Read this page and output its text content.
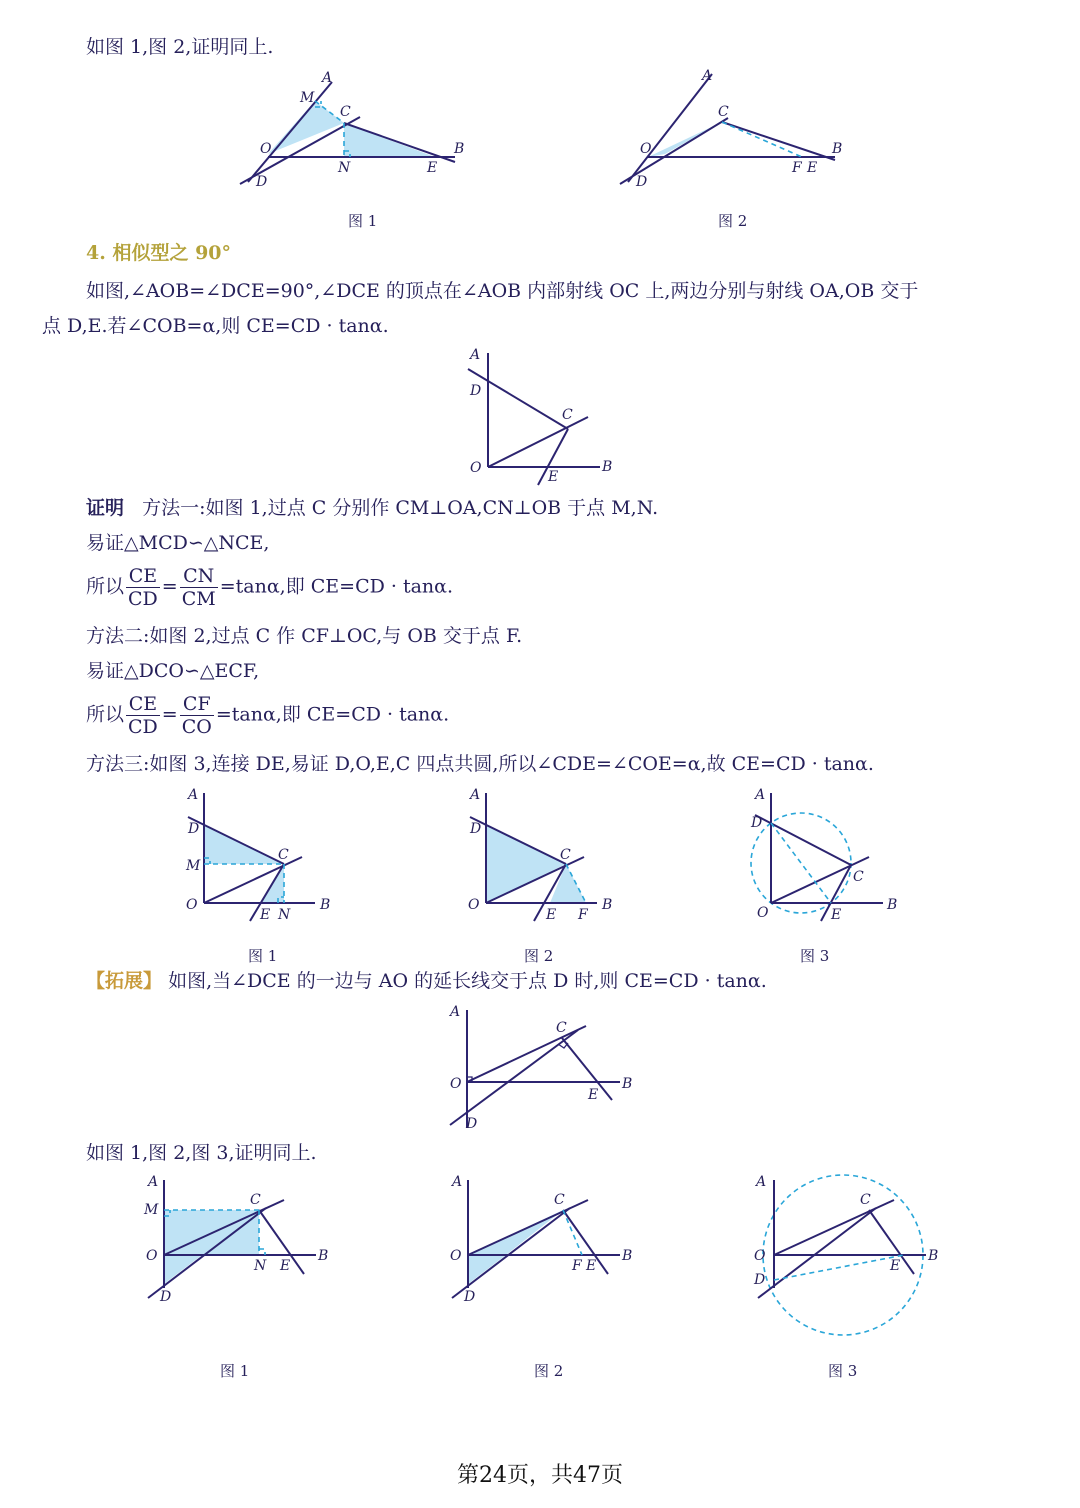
如图 1,图 2,证明同上.
A
M
C
O
D
N	E
B
图 1
A
C
O
D
F E
B
图 2
4. 相似型之 90°
如图,∠AOB=∠DCE=90°,∠DCE 的顶点在∠AOB 内部射线 OC 上,两边分别与射线 OA,OB 交于
点 D,E.若∠COB=α,则 CE=CD · tanα.
A
D
C
O
E
B
证明 方法一:如图 1,过点 C 分别作 CM⊥OA,CN⊥OB 于点 M,N.
易证△MCD∽△NCE,
所以 $\frac{CE}{CD} = \frac{CN}{CM} =\tan\alpha$,即 CE=CD · tanα.
方法二:如图 2,过点 C 作 CF⊥OC,与 OB 交于点 F.
易证△DCO∽△ECF,
所以 $\frac{CE}{CD} = \frac{CF}{CO} =\tan\alpha$,即 CE=CD · tanα.
方法三:如图 3,连接 DE,易证 D,O,E,C 四点共圆,所以∠CDE=∠COE=α,故 CE=CD · tanα.
A
D
M
C
O
E N
B
图 1
A
D
C
O
E F
B
图 2
A
D
C
O	E
B
图 3
【拓展】 如图,当∠DCE 的一边与 AO 的延长线交于点 D 时,则 CE=CD · tanα.
A
C
O
E
B
D
如图 1,图 2,图 3,证明同上.
A
M
C
O
N E
B
D
图 1
A
C
O
F E
B
D
图 2
A
C
O
E
B
D
图 3
第24页，共47页
